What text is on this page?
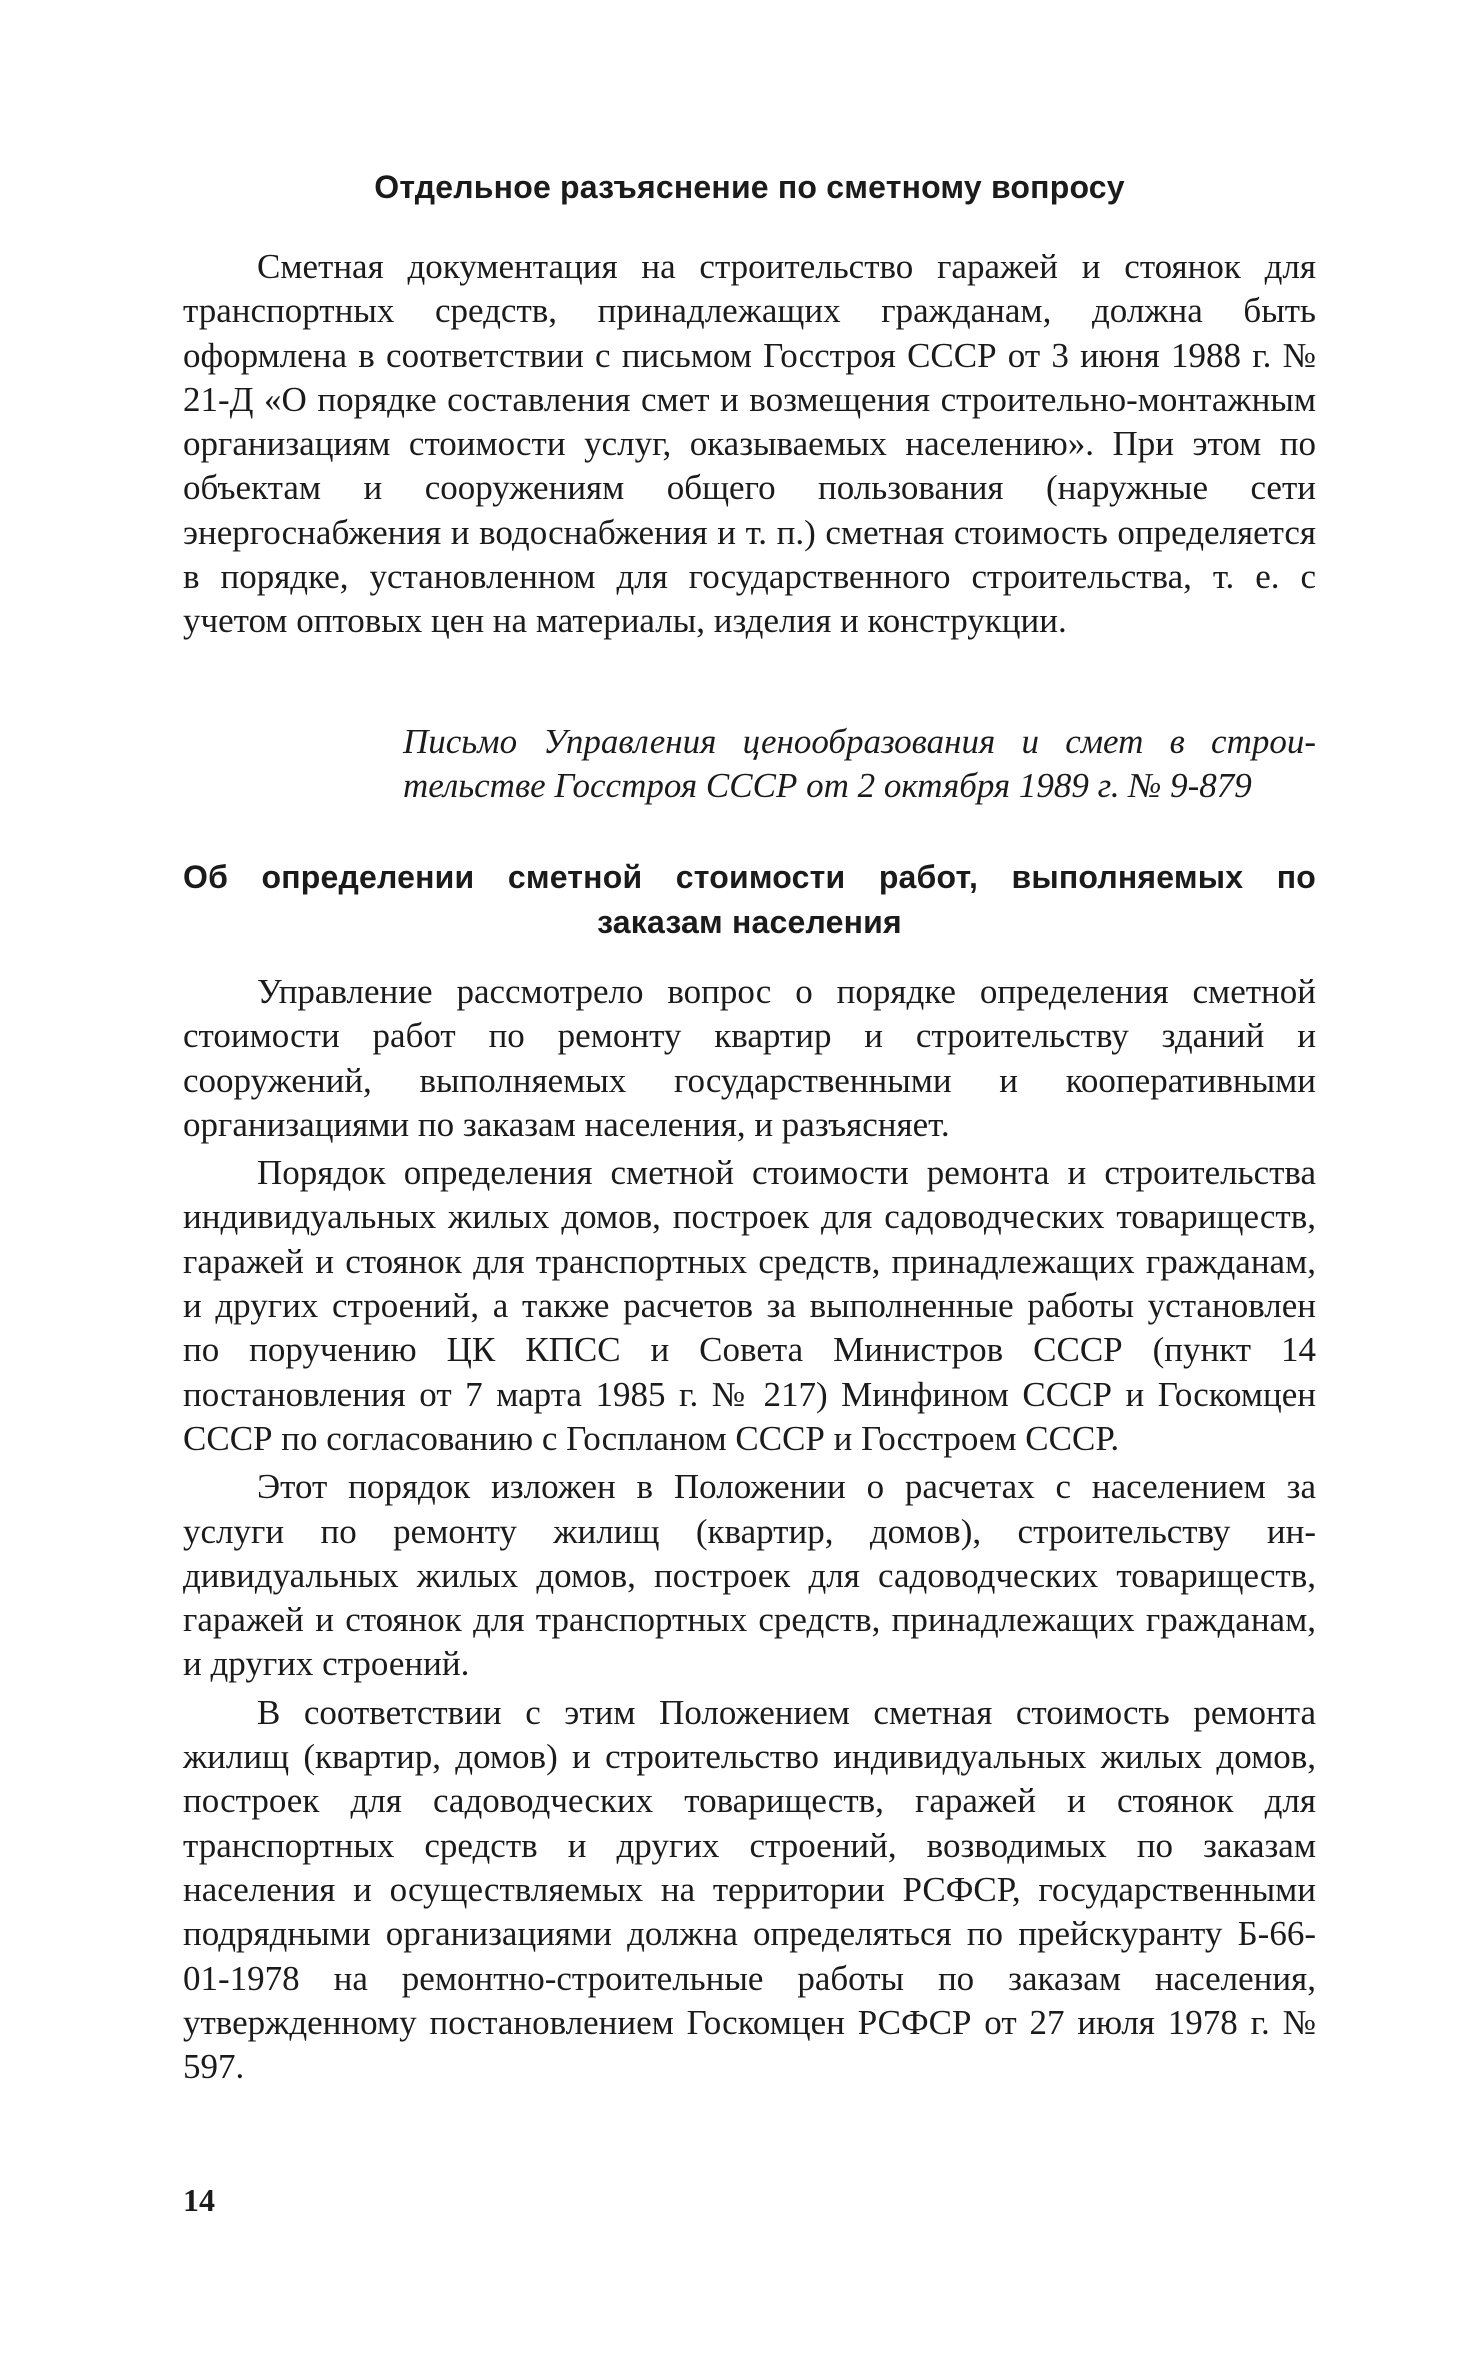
Отдельное разъяснение по сметному вопросу

Сметная документация на строительство гаражей и стоянок для транспортных средств, принадлежащих гражданам, должна быть оформлена в соответствии с письмом Госстроя СССР от 3 июня 1988 г. № 21-Д «О порядке составления смет и возмещения строительно-монтажным организациям стоимости услуг, оказываемых населению». При этом по объектам и сооружениям общего пользования (наружные сети энергоснабжения и водоснабжения и т. п.) сметная стоимость определяется в порядке, установленном для государственного строительства, т. е. с учетом оптовых цен на материалы, изделия и конструкции.

Письмо Управления ценообразования и смет в строительстве Госстроя СССР от 2 октября 1989 г. № 9-879

Об определении сметной стоимости работ, выполняемых по
заказам населения

Управление рассмотрело вопрос о порядке определения сметной стоимости работ по ремонту квартир и строительству зданий и сооружений, выполняемых государственными и кооперативными организациями по заказам населения, и разъясняет.

Порядок определения сметной стоимости ремонта и строительства индивидуальных жилых домов, построек для садоводческих товариществ, гаражей и стоянок для транспортных средств, принадлежащих гражданам, и других строений, а также расчетов за выполненные работы установлен по поручению ЦК КПСС и Совета Министров СССР (пункт 14 постановления от 7 марта 1985 г. № 217) Минфином СССР и Госкомцен СССР по согласованию с Госпланом СССР и Госстроем СССР.

Этот порядок изложен в Положении о расчетах с населением за услуги по ремонту жилищ (квартир, домов), строительству индивидуальных жилых домов, построек для садоводческих товариществ, гаражей и стоянок для транспортных средств, принадлежащих гражданам, и других строений.

В соответствии с этим Положением сметная стоимость ремонта жилищ (квартир, домов) и строительство индивидуальных жилых домов, построек для садоводческих товариществ, гаражей и стоянок для транспортных средств и других строений, возводимых по заказам населения и осуществляемых на территории РСФСР, государственными подрядными организациями должна определяться по прейскуранту Б-66-01-1978 на ремонтно-строительные работы по заказам населения, утвержденному постановлением Госкомцен РСФСР от 27 июля 1978 г. № 597.

14
